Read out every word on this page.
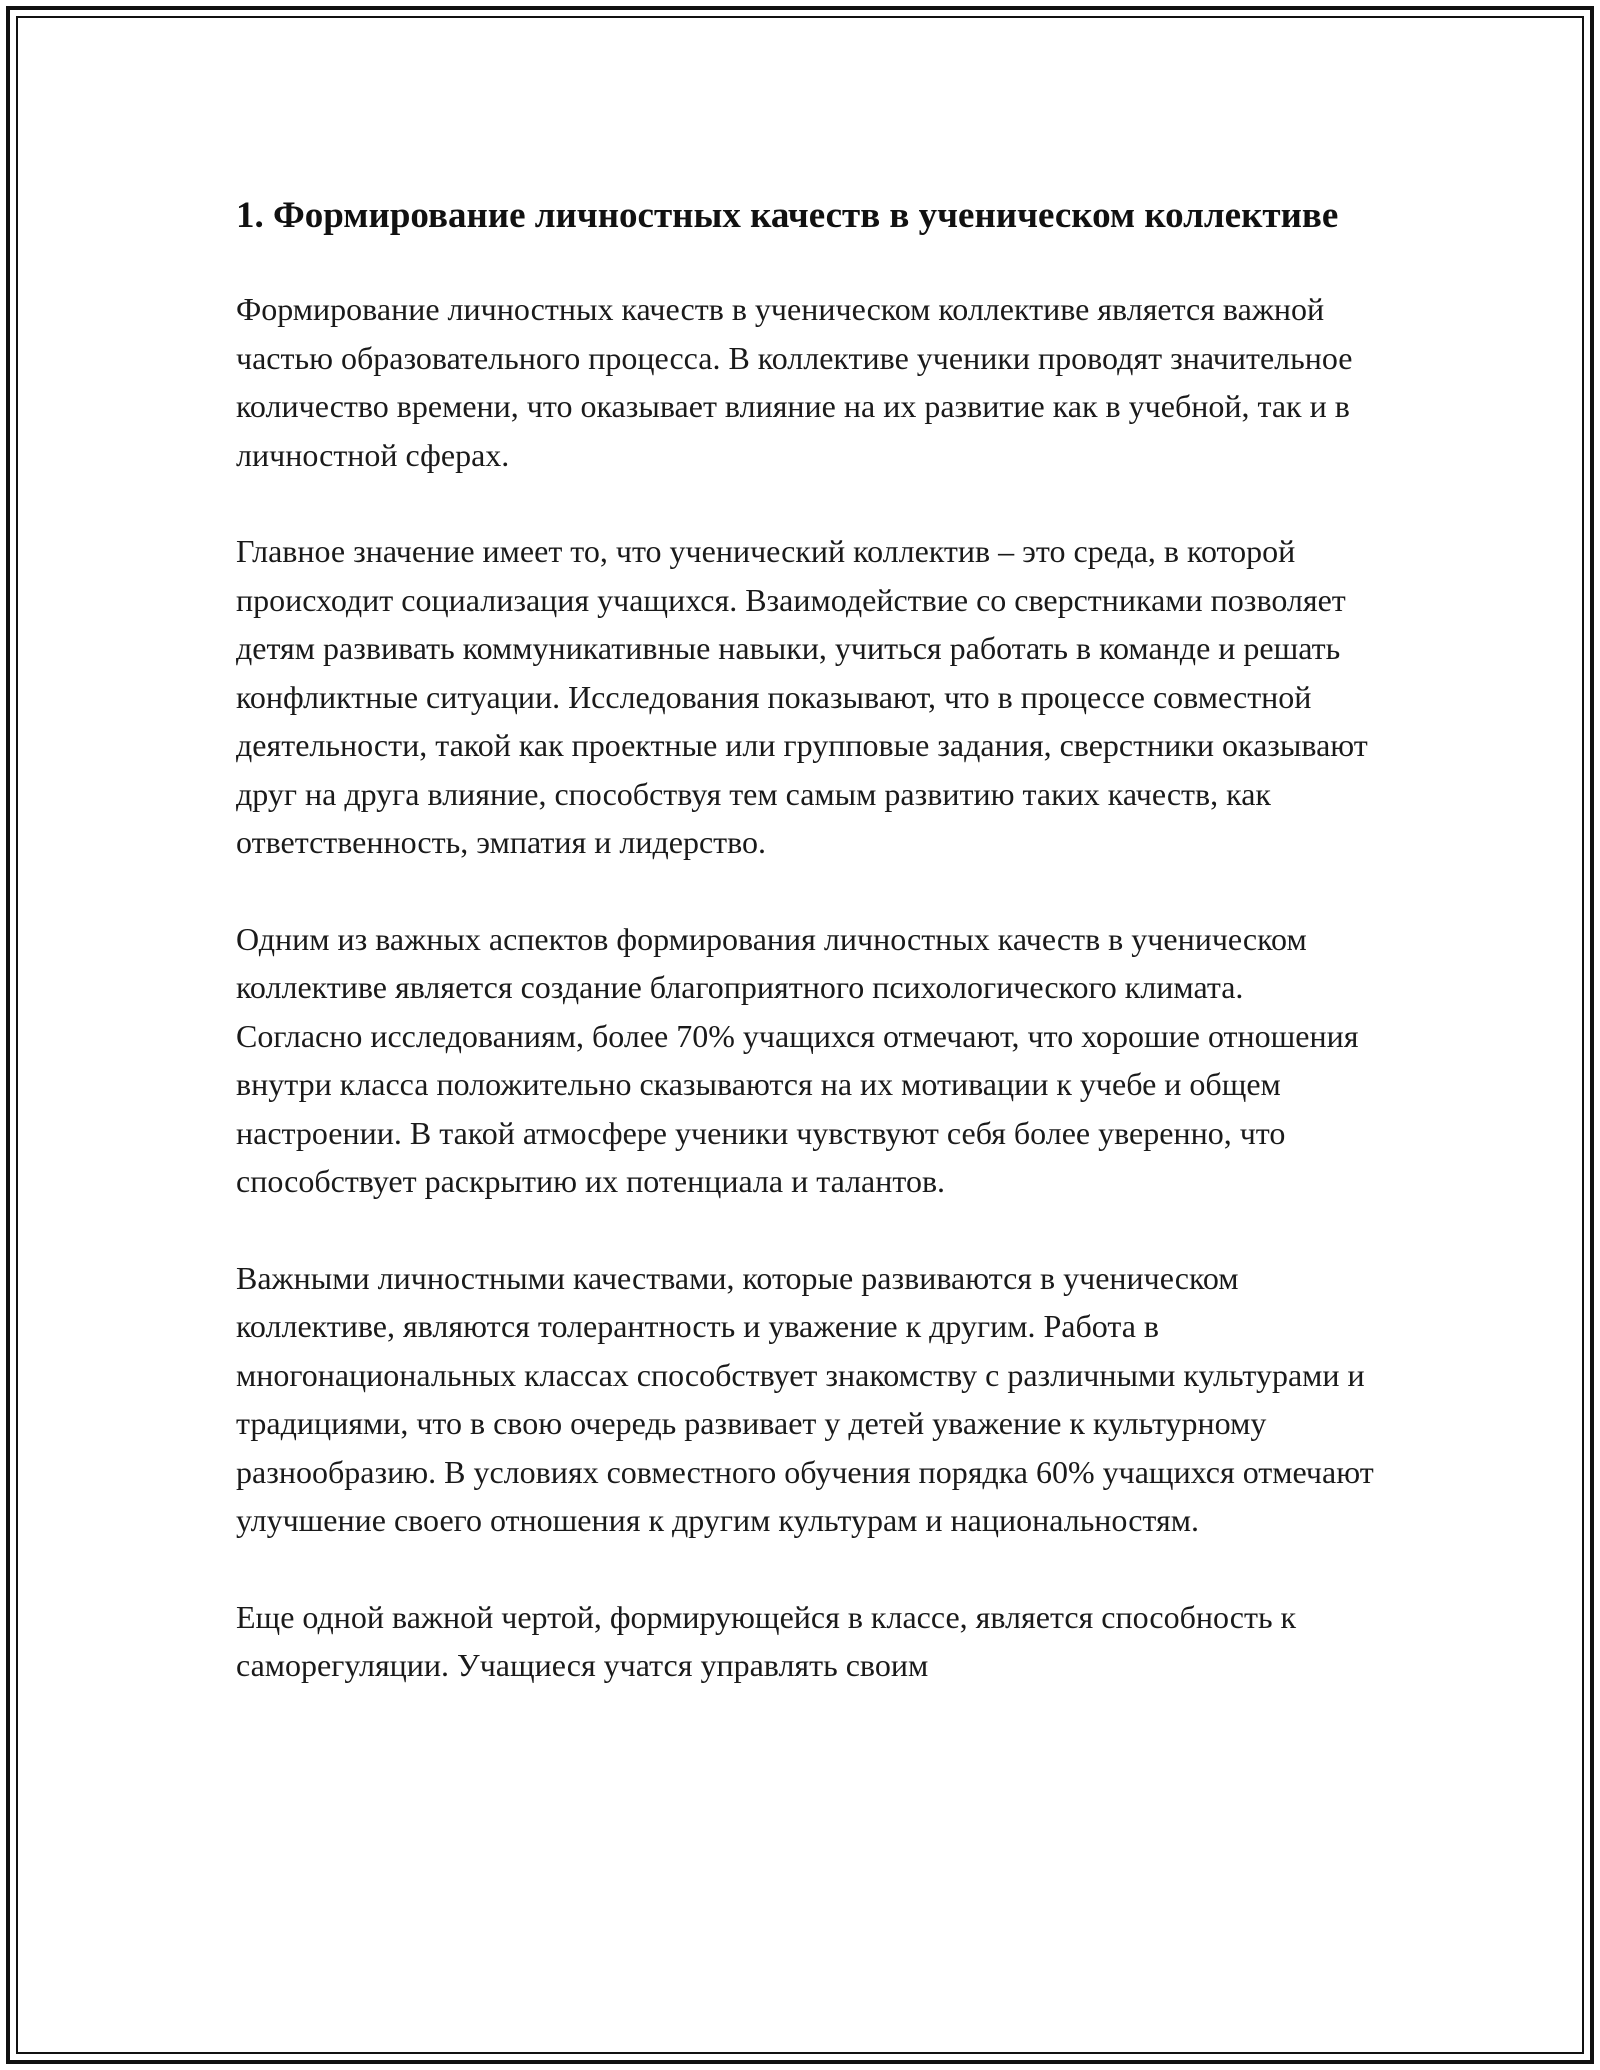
1. Формирование личностных качеств в ученическом коллективе

Формирование личностных качеств в ученическом коллективе является важной частью образовательного процесса. В коллективе ученики проводят значительное количество времени, что оказывает влияние на их развитие как в учебной, так и в личностной сферах.

Главное значение имеет то, что ученический коллектив – это среда, в которой происходит социализация учащихся. Взаимодействие со сверстниками позволяет детям развивать коммуникативные навыки, учиться работать в команде и решать конфликтные ситуации. Исследования показывают, что в процессе совместной деятельности, такой как проектные или групповые задания, сверстники оказывают друг на друга влияние, способствуя тем самым развитию таких качеств, как ответственность, эмпатия и лидерство.

Одним из важных аспектов формирования личностных качеств в ученическом коллективе является создание благоприятного психологического климата. Согласно исследованиям, более 70% учащихся отмечают, что хорошие отношения внутри класса положительно сказываются на их мотивации к учебе и общем настроении. В такой атмосфере ученики чувствуют себя более уверенно, что способствует раскрытию их потенциала и талантов.

Важными личностными качествами, которые развиваются в ученическом коллективе, являются толерантность и уважение к другим. Работа в многонациональных классах способствует знакомству с различными культурами и традициями, что в свою очередь развивает у детей уважение к культурному разнообразию. В условиях совместного обучения порядка 60% учащихся отмечают улучшение своего отношения к другим культурам и национальностям.

Еще одной важной чертой, формирующейся в классе, является способность к саморегуляции. Учащиеся учатся управлять своим
